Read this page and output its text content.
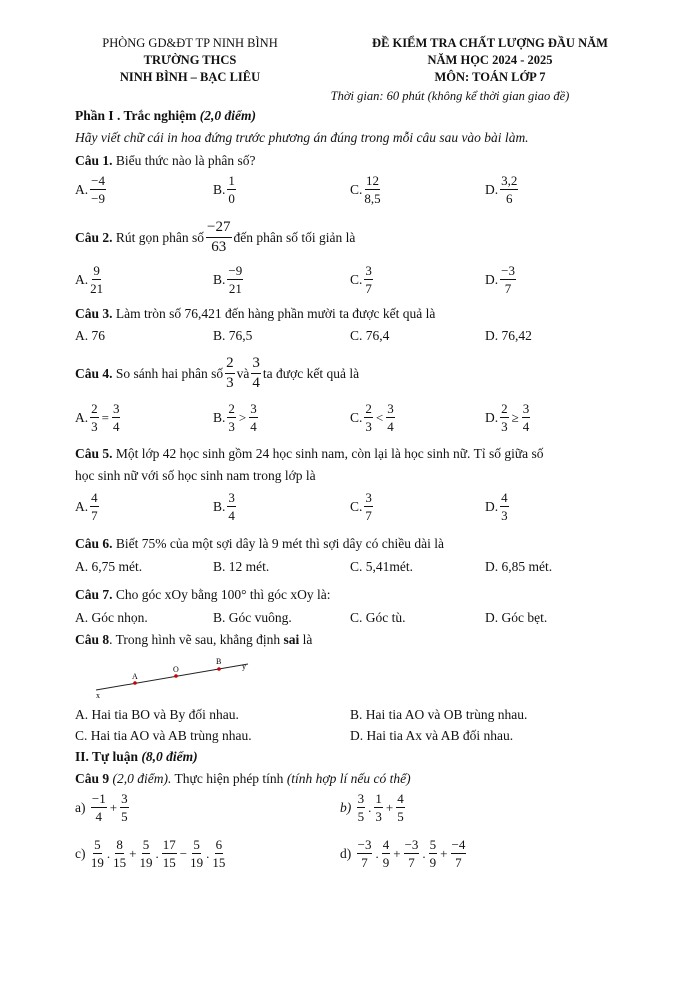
PHÒNG GD&ĐT TP NINH BÌNH
TRƯỜNG THCS
NINH BÌNH – BẠC LIÊU
ĐỀ KIỂM TRA CHẤT LƯỢNG ĐẦU NĂM
NĂM HỌC 2024 - 2025
MÔN: TOÁN LỚP 7
Thời gian: 60 phút (không kể thời gian giao đề)
Phần I . Trắc nghiệm (2,0 điểm)
Hãy viết chữ cái in hoa đứng trước phương án đúng trong mỗi câu sau vào bài làm.
Câu 1. Biểu thức nào là phân số?
A. $\frac{-4}{-9}$	B. $\frac{1}{0}$	C. $\frac{12}{8,5}$	D. $\frac{3,2}{6}$
Câu 2.
Rút gọn phân số $\frac{-27}{63}$ đến phân số tối giản là
A. $\frac{9}{21}$	B. $\frac{-9}{21}$	C. $\frac{3}{7}$	D. $\frac{-3}{7}$
Câu 3. Làm tròn số 76,421 đến hàng phần mười ta được kết quả là
A. 76	B. 76,5	C. 76,4	D. 76,42
Câu 4.
So sánh hai phân số $\frac{2}{3}$ và $\frac{3}{4}$ ta được kết quả là
A. $\frac{2}{3} = \frac{3}{4}$	B. $\frac{2}{3} > \frac{3}{4}$	C. $\frac{2}{3} < \frac{3}{4}$	D. $\frac{2}{3} \ge \frac{3}{4}$
Câu 5. Một lớp 42 học sinh gồm 24 học sinh nam, còn lại là học sinh nữ. Tỉ số giữa số
học sinh nữ với số học sinh nam trong lớp là
A. $\frac{4}{7}$	B. $\frac{3}{4}$	C. $\frac{3}{7}$	D. $\frac{4}{3}$
Câu 6. Biết 75% của một sợi dây là 9 mét thì sợi dây có chiều dài là
A. 6,75 mét.	B. 12 mét.	C. 5,41mét.	D. 6,85 mét.
Câu 7. Cho góc xOy bằng 100° thì góc xOy là:
A. Góc nhọn.	B. Góc vuông.	C. Góc tù.	D. Góc bẹt.
Câu 8. Trong hình vẽ sau, khẳng định sai là
A
O
B
y
x
A. Hai tia BO và By đối nhau.	B. Hai tia AO và OB trùng nhau.
C. Hai tia AO và AB trùng nhau.	D. Hai tia Ax và AB đối nhau.
II. Tự luận (8,0 điểm)
Câu 9 (2,0 điểm). Thực hiện phép tính (tính hợp lí nếu có thể)
a)
$\frac{-1}{4} + \frac{3}{5}$	b)
$\frac{3}{5}$ . $\frac{1}{3} + \frac{4}{5}$
c)
$\frac{5}{19}$ . $\frac{8}{15} + \frac{5}{19}$ . $\frac{17}{15} - \frac{5}{19}$ . $\frac{6}{15}$	d)
$\frac{-3}{7}$ . $\frac{4}{9} + \frac{-3}{7}$ . $\frac{5}{9} + \frac{-4}{7}$
